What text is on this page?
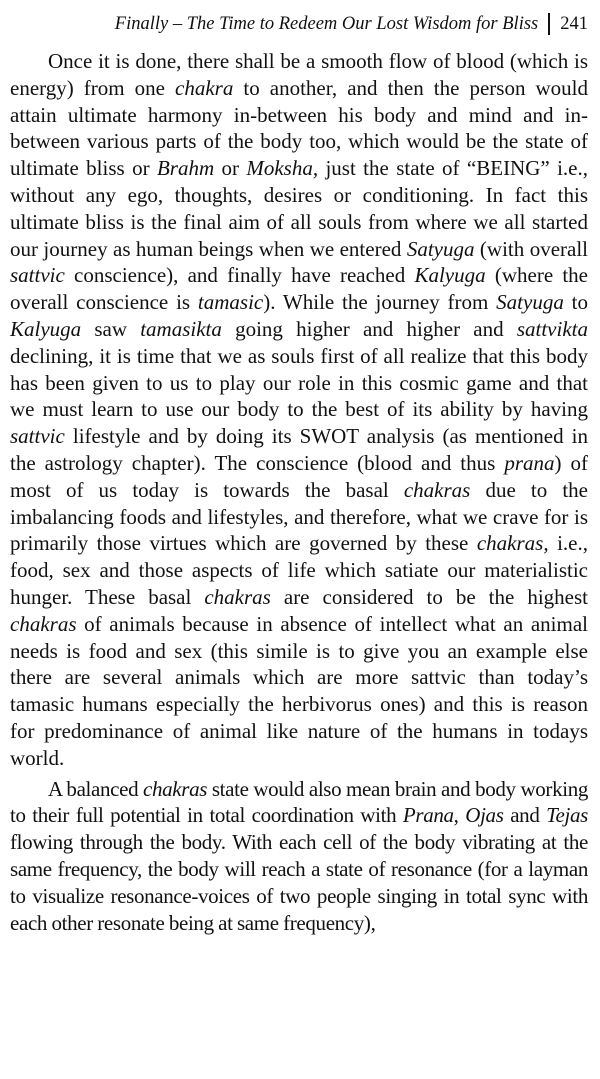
Finally – The Time to Redeem Our Lost Wisdom for Bliss 241

Once it is done, there shall be a smooth flow of blood (which is energy) from one chakra to another, and then the person would attain ultimate harmony in-between his body and mind and in-between various parts of the body too, which would be the state of ultimate bliss or Brahm or Moksha, just the state of “BEING” i.e., without any ego, thoughts, desires or conditioning. In fact this ultimate bliss is the final aim of all souls from where we all started our journey as human beings when we entered Satyuga (with overall sattvic conscience), and finally have reached Kalyuga (where the overall conscience is tamasic). While the journey from Satyuga to Kalyuga saw tamasikta going higher and higher and sattvikta declining, it is time that we as souls first of all realize that this body has been given to us to play our role in this cosmic game and that we must learn to use our body to the best of its ability by having sattvic lifestyle and by doing its SWOT analysis (as mentioned in the astrology chapter). The conscience (blood and thus prana) of most of us today is towards the basal chakras due to the imbalancing foods and lifestyles, and therefore, what we crave for is primarily those virtues which are governed by these chakras, i.e., food, sex and those aspects of life which satiate our materialistic hunger. These basal chakras are considered to be the highest chakras of animals because in absence of intellect what an animal needs is food and sex (this simile is to give you an example else there are several animals which are more sattvic than today’s tamasic humans especially the herbivorus ones) and this is reason for predominance of animal like nature of the humans in todays world.

A balanced chakras state would also mean brain and body working to their full potential in total coordination with Prana, Ojas and Tejas flowing through the body. With each cell of the body vibrating at the same frequency, the body will reach a state of resonance (for a layman to visualize resonance-voices of two people singing in total sync with each other resonate being at same frequency),
